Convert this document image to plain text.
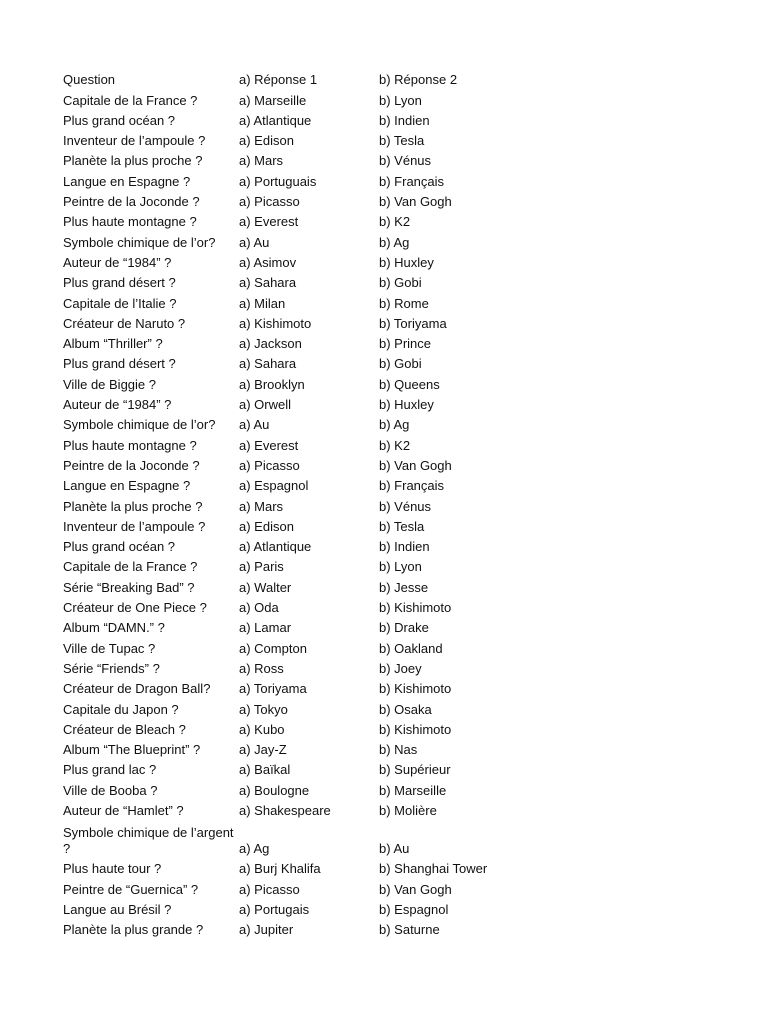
Question	a) Réponse 1	b) Réponse 2
Capitale de la France ?	a) Marseille	b) Lyon
Plus grand océan ?	a) Atlantique	b) Indien
Inventeur de l’ampoule ?	a) Edison	b) Tesla
Planète la plus proche ?	a) Mars	b) Vénus
Langue en Espagne ?	a) Portuguais	b) Français
Peintre de la Joconde ?	a) Picasso	b) Van Gogh
Plus haute montagne ?	a) Everest	b) K2
Symbole chimique de l’or?	a) Au	b) Ag
Auteur de “1984” ?	a) Asimov	b) Huxley
Plus grand désert ?	a) Sahara	b) Gobi
Capitale de l’Italie ?	a) Milan	b) Rome
Créateur de Naruto ?	a) Kishimoto	b) Toriyama
Album “Thriller” ?	a) Jackson	b) Prince
Plus grand désert ?	a) Sahara	b) Gobi
Ville de Biggie ?	a) Brooklyn	b) Queens
Auteur de “1984” ?	a) Orwell	b) Huxley
Symbole chimique de l’or?	a) Au	b) Ag
Plus haute montagne ?	a) Everest	b) K2
Peintre de la Joconde ?	a) Picasso	b) Van Gogh
Langue en Espagne ?	a) Espagnol	b) Français
Planète la plus proche ?	a) Mars	b) Vénus
Inventeur de l’ampoule ?	a) Edison	b) Tesla
Plus grand océan ?	a) Atlantique	b) Indien
Capitale de la France ?	a) Paris	b) Lyon
Série “Breaking Bad” ?	a) Walter	b) Jesse
Créateur de One Piece ?	a) Oda	b) Kishimoto
Album “DAMN.” ?	a) Lamar	b) Drake
Ville de Tupac ?	a) Compton	b) Oakland
Série “Friends” ?	a) Ross	b) Joey
Créateur de Dragon Ball?	a) Toriyama	b) Kishimoto
Capitale du Japon ?	a) Tokyo	b) Osaka
Créateur de Bleach ?	a) Kubo	b) Kishimoto
Album “The Blueprint” ?	a) Jay-Z	b) Nas
Plus grand lac ?	a) Baïkal	b) Supérieur
Ville de Booba ?	a) Boulogne	b) Marseille
Auteur de “Hamlet” ?	a) Shakespeare	b) Molière
Symbole chimique de l’argent ?	a) Ag	b) Au
Plus haute tour ?	a) Burj Khalifa	b) Shanghai Tower
Peintre de “Guernica” ?	a) Picasso	b) Van Gogh
Langue au Brésil ?	a) Portugais	b) Espagnol
Planète la plus grande ?	a) Jupiter	b) Saturne
